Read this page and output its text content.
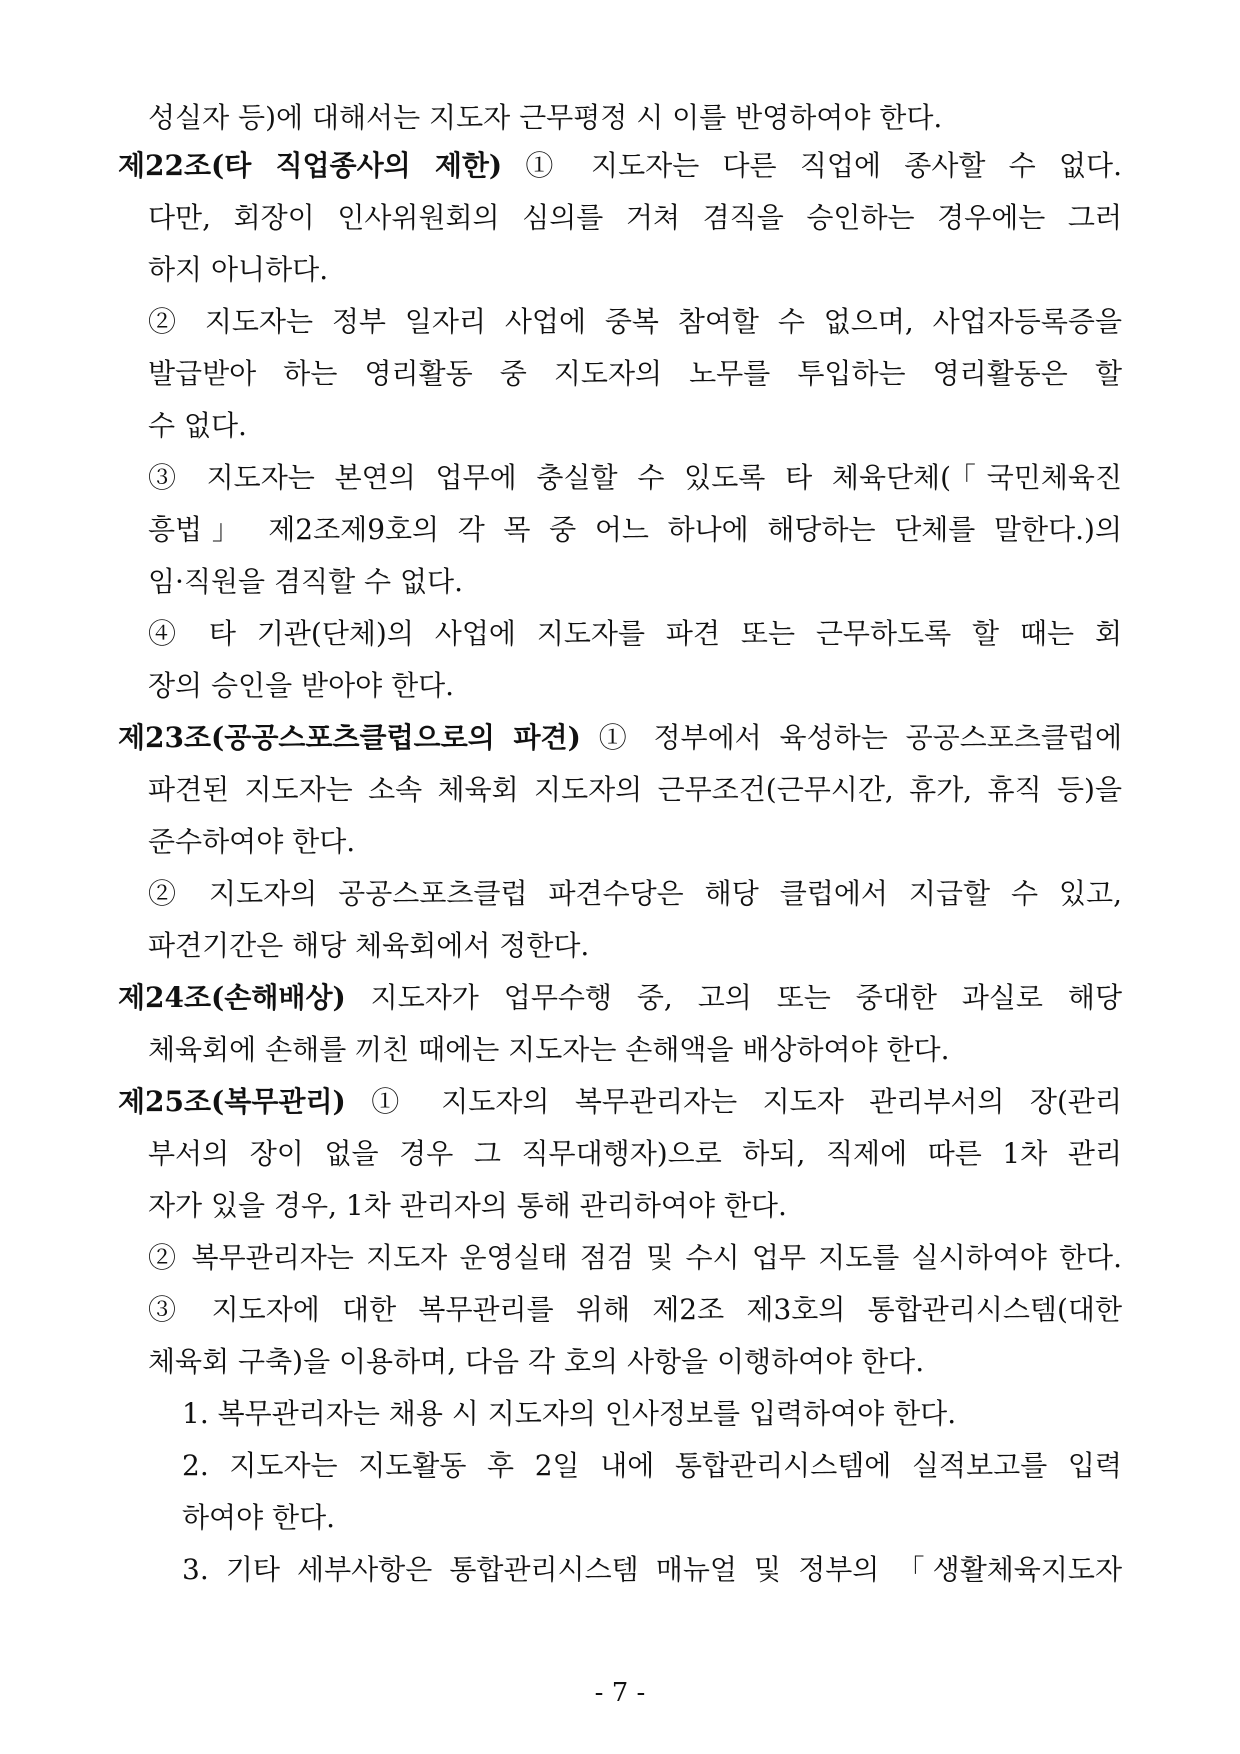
성실자 등)에 대해서는 지도자 근무평정 시 이를 반영하여야 한다.
제22조(타 직업종사의 제한) ① 지도자는 다른 직업에 종사할 수 없다.
다만, 회장이 인사위원회의 심의를 거쳐 겸직을 승인하는 경우에는 그러
하지 아니하다.
② 지도자는 정부 일자리 사업에 중복 참여할 수 없으며, 사업자등록증을
발급받아 하는 영리활동 중 지도자의 노무를 투입하는 영리활동은 할
수 없다.
③ 지도자는 본연의 업무에 충실할 수 있도록 타 체육단체(「국민체육진
흥법」 제2조제9호의 각 목 중 어느 하나에 해당하는 단체를 말한다.)의
임·직원을 겸직할 수 없다.
④ 타 기관(단체)의 사업에 지도자를 파견 또는 근무하도록 할 때는 회
장의 승인을 받아야 한다.
제23조(공공스포츠클럽으로의 파견) ① 정부에서 육성하는 공공스포츠클럽에
파견된 지도자는 소속 체육회 지도자의 근무조건(근무시간, 휴가, 휴직 등)을
준수하여야 한다.
② 지도자의 공공스포츠클럽 파견수당은 해당 클럽에서 지급할 수 있고,
파견기간은 해당 체육회에서 정한다.
제24조(손해배상) 지도자가 업무수행 중, 고의 또는 중대한 과실로 해당
체육회에 손해를 끼친 때에는 지도자는 손해액을 배상하여야 한다.
제25조(복무관리) ① 지도자의 복무관리자는 지도자 관리부서의 장(관리
부서의 장이 없을 경우 그 직무대행자)으로 하되, 직제에 따른 1차 관리
자가 있을 경우, 1차 관리자의 통해 관리하여야 한다.
② 복무관리자는 지도자 운영실태 점검 및 수시 업무 지도를 실시하여야 한다.
③ 지도자에 대한 복무관리를 위해 제2조 제3호의 통합관리시스템(대한
체육회 구축)을 이용하며, 다음 각 호의 사항을 이행하여야 한다.
1. 복무관리자는 채용 시 지도자의 인사정보를 입력하여야 한다.
2. 지도자는 지도활동 후 2일 내에 통합관리시스템에 실적보고를 입력
하여야 한다.
3. 기타 세부사항은 통합관리시스템 매뉴얼 및 정부의 「생활체육지도자
- 7 -
